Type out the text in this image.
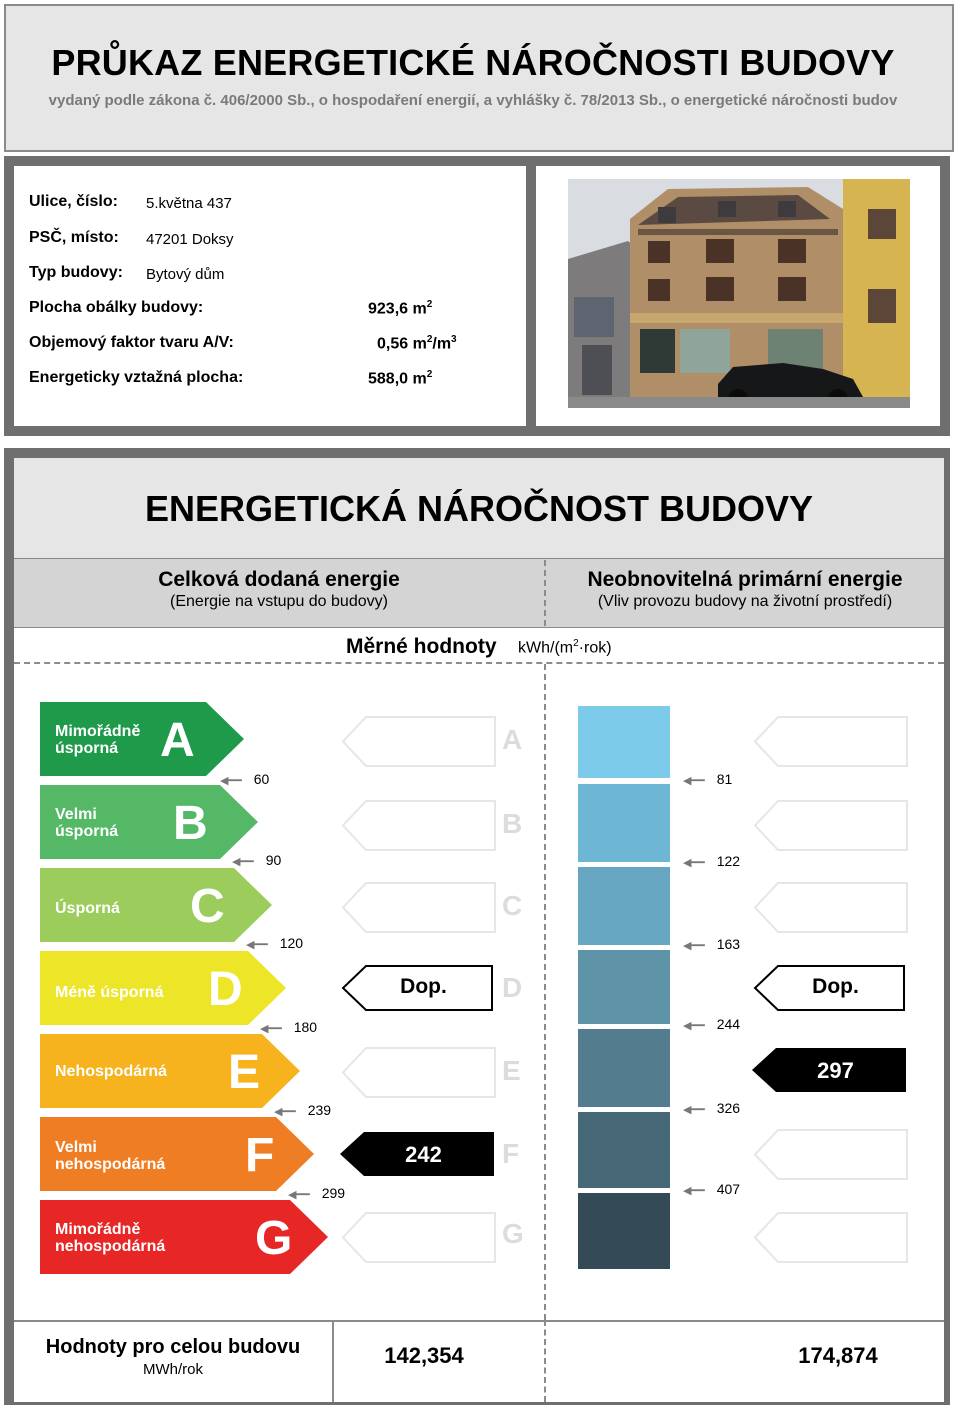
PRŮKAZ ENERGETICKÉ NÁROČNOSTI BUDOVY
vydaný podle zákona č. 406/2000 Sb., o hospodaření energií, a vyhlášky č. 78/2013 Sb., o energetické náročnosti budov
Ulice, číslo: 5.května 437
PSČ, místo: 47201 Doksy
Typ budovy: Bytový dům
Plocha obálky budovy:	923,6 $m^2$
Objemový faktor tvaru A/V:	0,56 $m^2/m^3$
Energeticky vztažná plocha:	588,0 $m^2$
ENERGETICKÁ NÁROČNOST BUDOVY
Celková dodaná energie
(Energie na vstupu do budovy)
Neobnovitelná primární energie
(Vliv provozu budovy na životní prostředí)
Měrné hodnoty kWh/$(m^2\cdot rok)$
A
B
C
D
E
F
G
Mimořádně
úsporná A
Velmi
úsporná B
Úsporná C
Méně úsporná D
Nehospodárná E
Velmi
nehospodárná F
Mimořádně
nehospodárná G
◀━━ 60
◀━━ 90
◀━━ 120
◀━━ 180
◀━━ 239
◀━━ 299
Dop.
242
◀━━ 81
◀━━ 122
◀━━ 163
◀━━ 244
◀━━ 326
◀━━ 407
Dop.
297
Hodnoty pro celou budovu
MWh/rok
142,354	174,874
